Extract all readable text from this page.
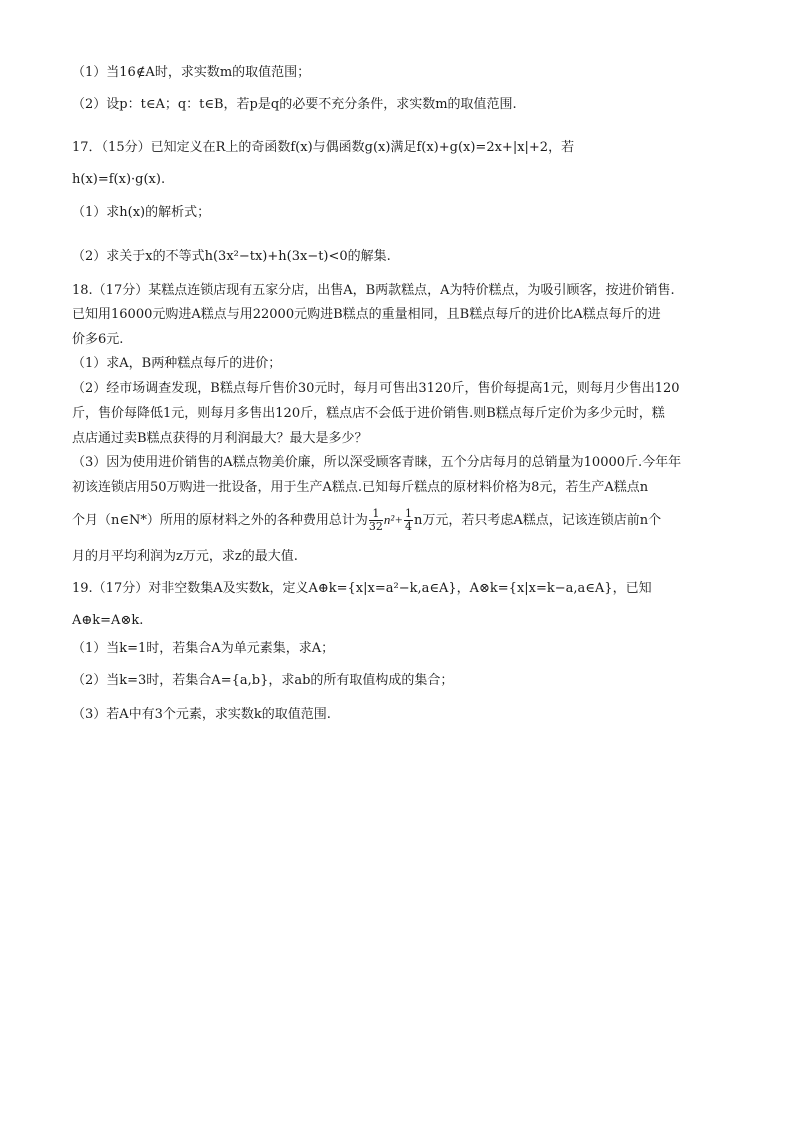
（1）当16∉A时，求实数m的取值范围；
（2）设p：t∈A；q：t∈B，若p是q的必要不充分条件，求实数m的取值范围.
17．（15分）已知定义在R上的奇函数f(x)与偶函数g(x)满足f(x)+g(x)=2x+|x|+2，若
h(x)=f(x)·g(x).
（1）求h(x)的解析式；
（2）求关于x的不等式h(3x²−tx)+h(3x−t)<0的解集.
18.（17分）某糕点连锁店现有五家分店，出售A，B两款糕点，A为特价糕点，为吸引顾客，按进价销售.
已知用16000元购进A糕点与用22000元购进B糕点的重量相同，且B糕点每斤的进价比A糕点每斤的进
价多6元.
（1）求A，B两种糕点每斤的进价；
（2）经市场调查发现，B糕点每斤售价30元时，每月可售出3120斤，售价每提高1元，则每月少售出120
斤，售价每降低1元，则每月多售出120斤，糕点店不会低于进价销售.则B糕点每斤定价为多少元时，糕
点店通过卖B糕点获得的月利润最大？最大是多少？
（3）因为使用进价销售的A糕点物美价廉，所以深受顾客青睐，五个分店每月的总销量为10000斤.今年年
初该连锁店用50万购进一批设备，用于生产A糕点.已知每斤糕点的原材料价格为8元，若生产A糕点n
个月（n∈N*）所用的原材料之外的各种费用总计为 $\frac{1}{32} n^2+ \frac{1}{4}$ n万元，若只考虑A糕点，记该连锁店前n个
月的月平均利润为z万元，求z的最大值.
19.（17分）对非空数集A及实数k，定义A⊕k={x|x=a²−k,a∈A}，A⊗k={x|x=k−a,a∈A}，已知
A⊕k=A⊗k.
（1）当k=1时，若集合A为单元素集，求A；
（2）当k=3时，若集合A={a,b}，求ab的所有取值构成的集合；
（3）若A中有3个元素，求实数k的取值范围.
